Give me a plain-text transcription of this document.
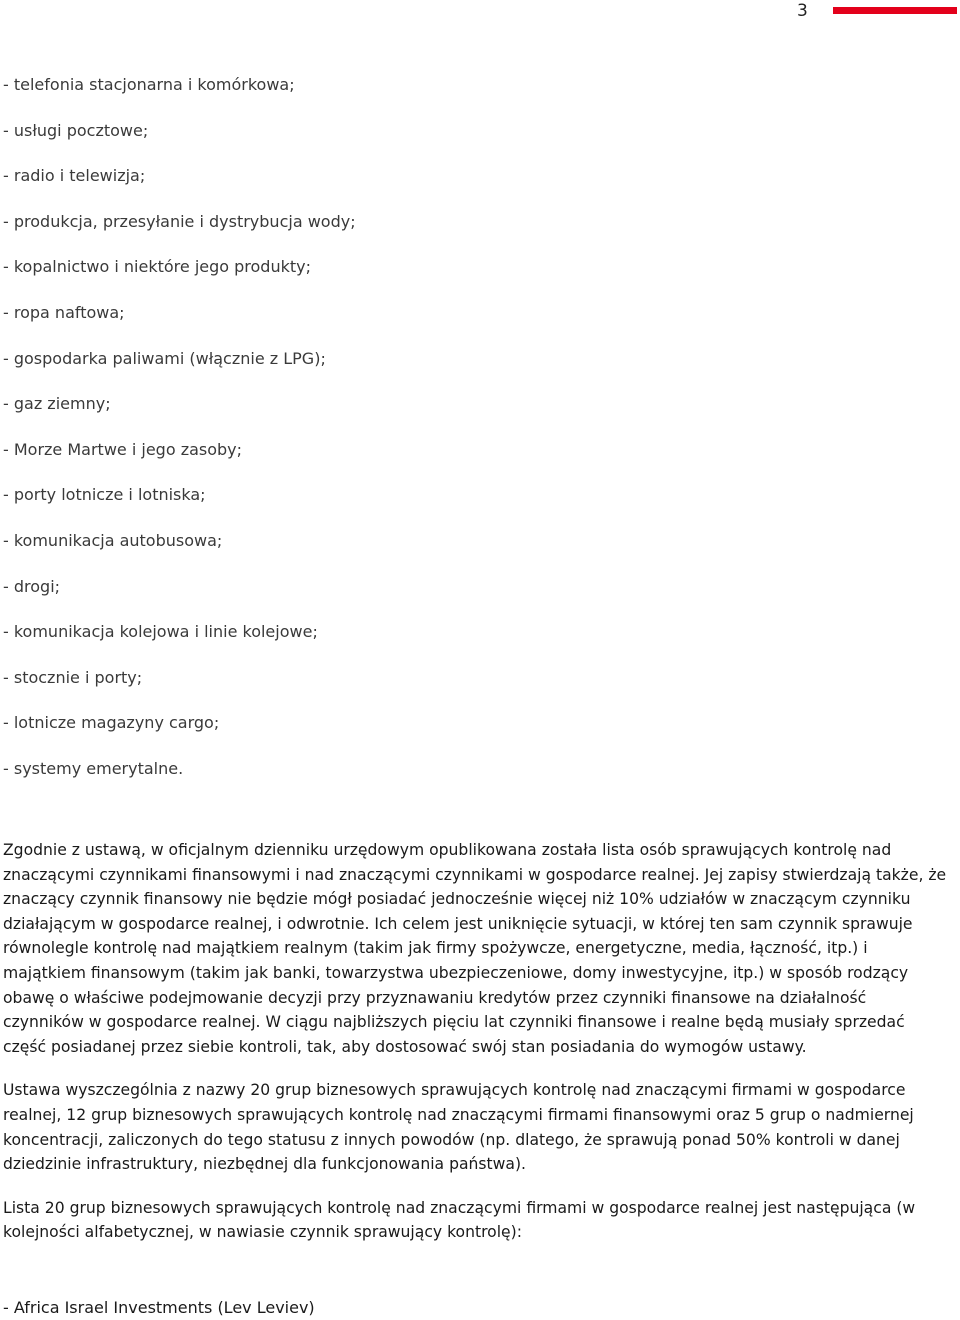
3
- telefonia stacjonarna i komórkowa;
- usługi pocztowe;
- radio i telewizja;
- produkcja, przesyłanie i dystrybucja wody;
- kopalnictwo i niektóre jego produkty;
- ropa naftowa;
- gospodarka paliwami (włącznie z LPG);
- gaz ziemny;
- Morze Martwe i jego zasoby;
- porty lotnicze i lotniska;
- komunikacja autobusowa;
- drogi;
- komunikacja kolejowa i linie kolejowe;
- stocznie i porty;
- lotnicze magazyny cargo;
- systemy emerytalne.

Zgodnie z ustawą, w oficjalnym dzienniku urzędowym opublikowana została lista osób sprawujących kontrolę nad znaczącymi czynnikami finansowymi i nad znaczącymi czynnikami w gospodarce realnej. Jej zapisy stwierdzają także, że znaczący czynnik finansowy nie będzie mógł posiadać jednocześnie więcej niż 10% udziałów w znaczącym czynniku działającym w gospodarce realnej, i odwrotnie. Ich celem jest uniknięcie sytuacji, w której ten sam czynnik sprawuje równolegle kontrolę nad majątkiem realnym (takim jak firmy spożywcze, energetyczne, media, łączność, itp.) i majątkiem finansowym (takim jak banki, towarzystwa ubezpieczeniowe, domy inwestycyjne, itp.) w sposób rodzący obawę o właściwe podejmowanie decyzji przy przyznawaniu kredytów przez czynniki finansowe na działalność czynników w gospodarce realnej. W ciągu najbliższych pięciu lat czynniki finansowe i realne będą musiały sprzedać część posiadanej przez siebie kontroli, tak, aby dostosować swój stan posiadania do wymogów ustawy.

Ustawa wyszczególnia z nazwy 20 grup biznesowych sprawujących kontrolę nad znaczącymi firmami w gospodarce realnej, 12 grup biznesowych sprawujących kontrolę nad znaczącymi firmami finansowymi oraz 5 grup o nadmiernej koncentracji, zaliczonych do tego statusu z innych powodów (np. dlatego, że sprawują ponad 50% kontroli w danej dziedzinie infrastruktury, niezbędnej dla funkcjonowania państwa).

Lista 20 grup biznesowych sprawujących kontrolę nad znaczącymi firmami w gospodarce realnej jest następująca (w kolejności alfabetycznej, w nawiasie czynnik sprawujący kontrolę):

- Africa Israel Investments (Lev Leviev)
